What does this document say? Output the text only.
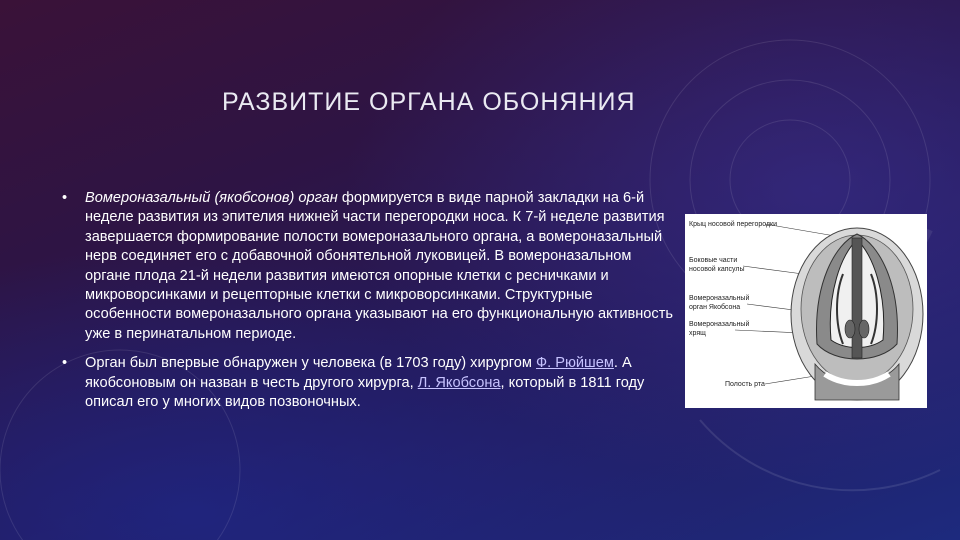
РАЗВИТИЕ ОРГАНА ОБОНЯНИЯ

• Вомероназальный (якобсонов) орган формируется в виде парной закладки на 6-й неделе развития из эпителия нижней части перегородки носа. К 7-й неделе развития завершается формирование полости вомероназального органа, а вомероназальный нерв соединяет его с добавочной обонятельной луковицей. В вомероназальном органе плода 21-й недели развития имеются опорные клетки с ресничками и микроворсинками и рецепторные клетки с микроворсинками. Структурные особенности вомероназального органа указывают на его функциональную активность уже в перинатальном периоде.

• Орган был впервые обнаружен у человека (в 1703 году) хирургом Ф. Рюйшем. А якобсоновым он назван в честь другого хирурга, Л. Якобсона, который в 1811 году описал его у многих видов позвоночных.

Крыц носовой перегородки
Боковые части
носовой капсулы
Вомероназальный
орган Якобсона
Вомероназальный
хрящ
Полость рта
